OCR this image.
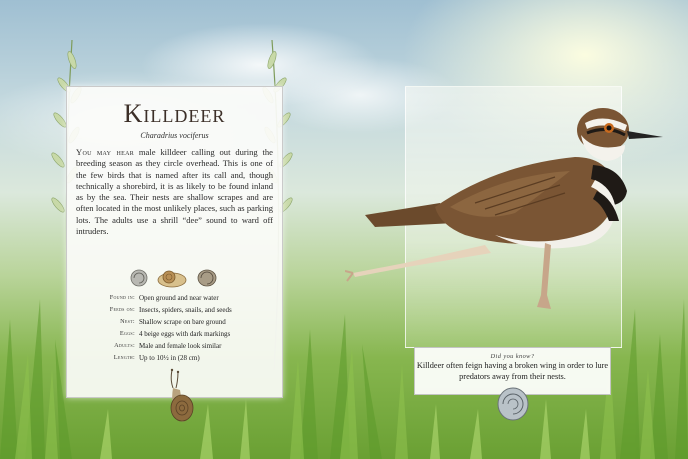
Killdeer
Charadrius vociferus
You may hear male killdeer calling out during the breeding season as they circle overhead. This is one of the few birds that is named after its call and, though technically a shorebird, it is as likely to be found inland as by the sea. Their nests are shallow scrapes and are often located in the most unlikely places, such as parking lots. The adults use a shrill “dee” sound to ward off intruders.
Found in: Open ground and near water
Feeds on: Insects, spiders, snails, and seeds
Nest: Shallow scrape on bare ground
Eggs: 4 beige eggs with dark markings
Adults: Male and female look similar
Length: Up to 10½ in (28 cm)	Did you know?
Killdeer often feign having a broken wing in order to lure predators away from their nests.
